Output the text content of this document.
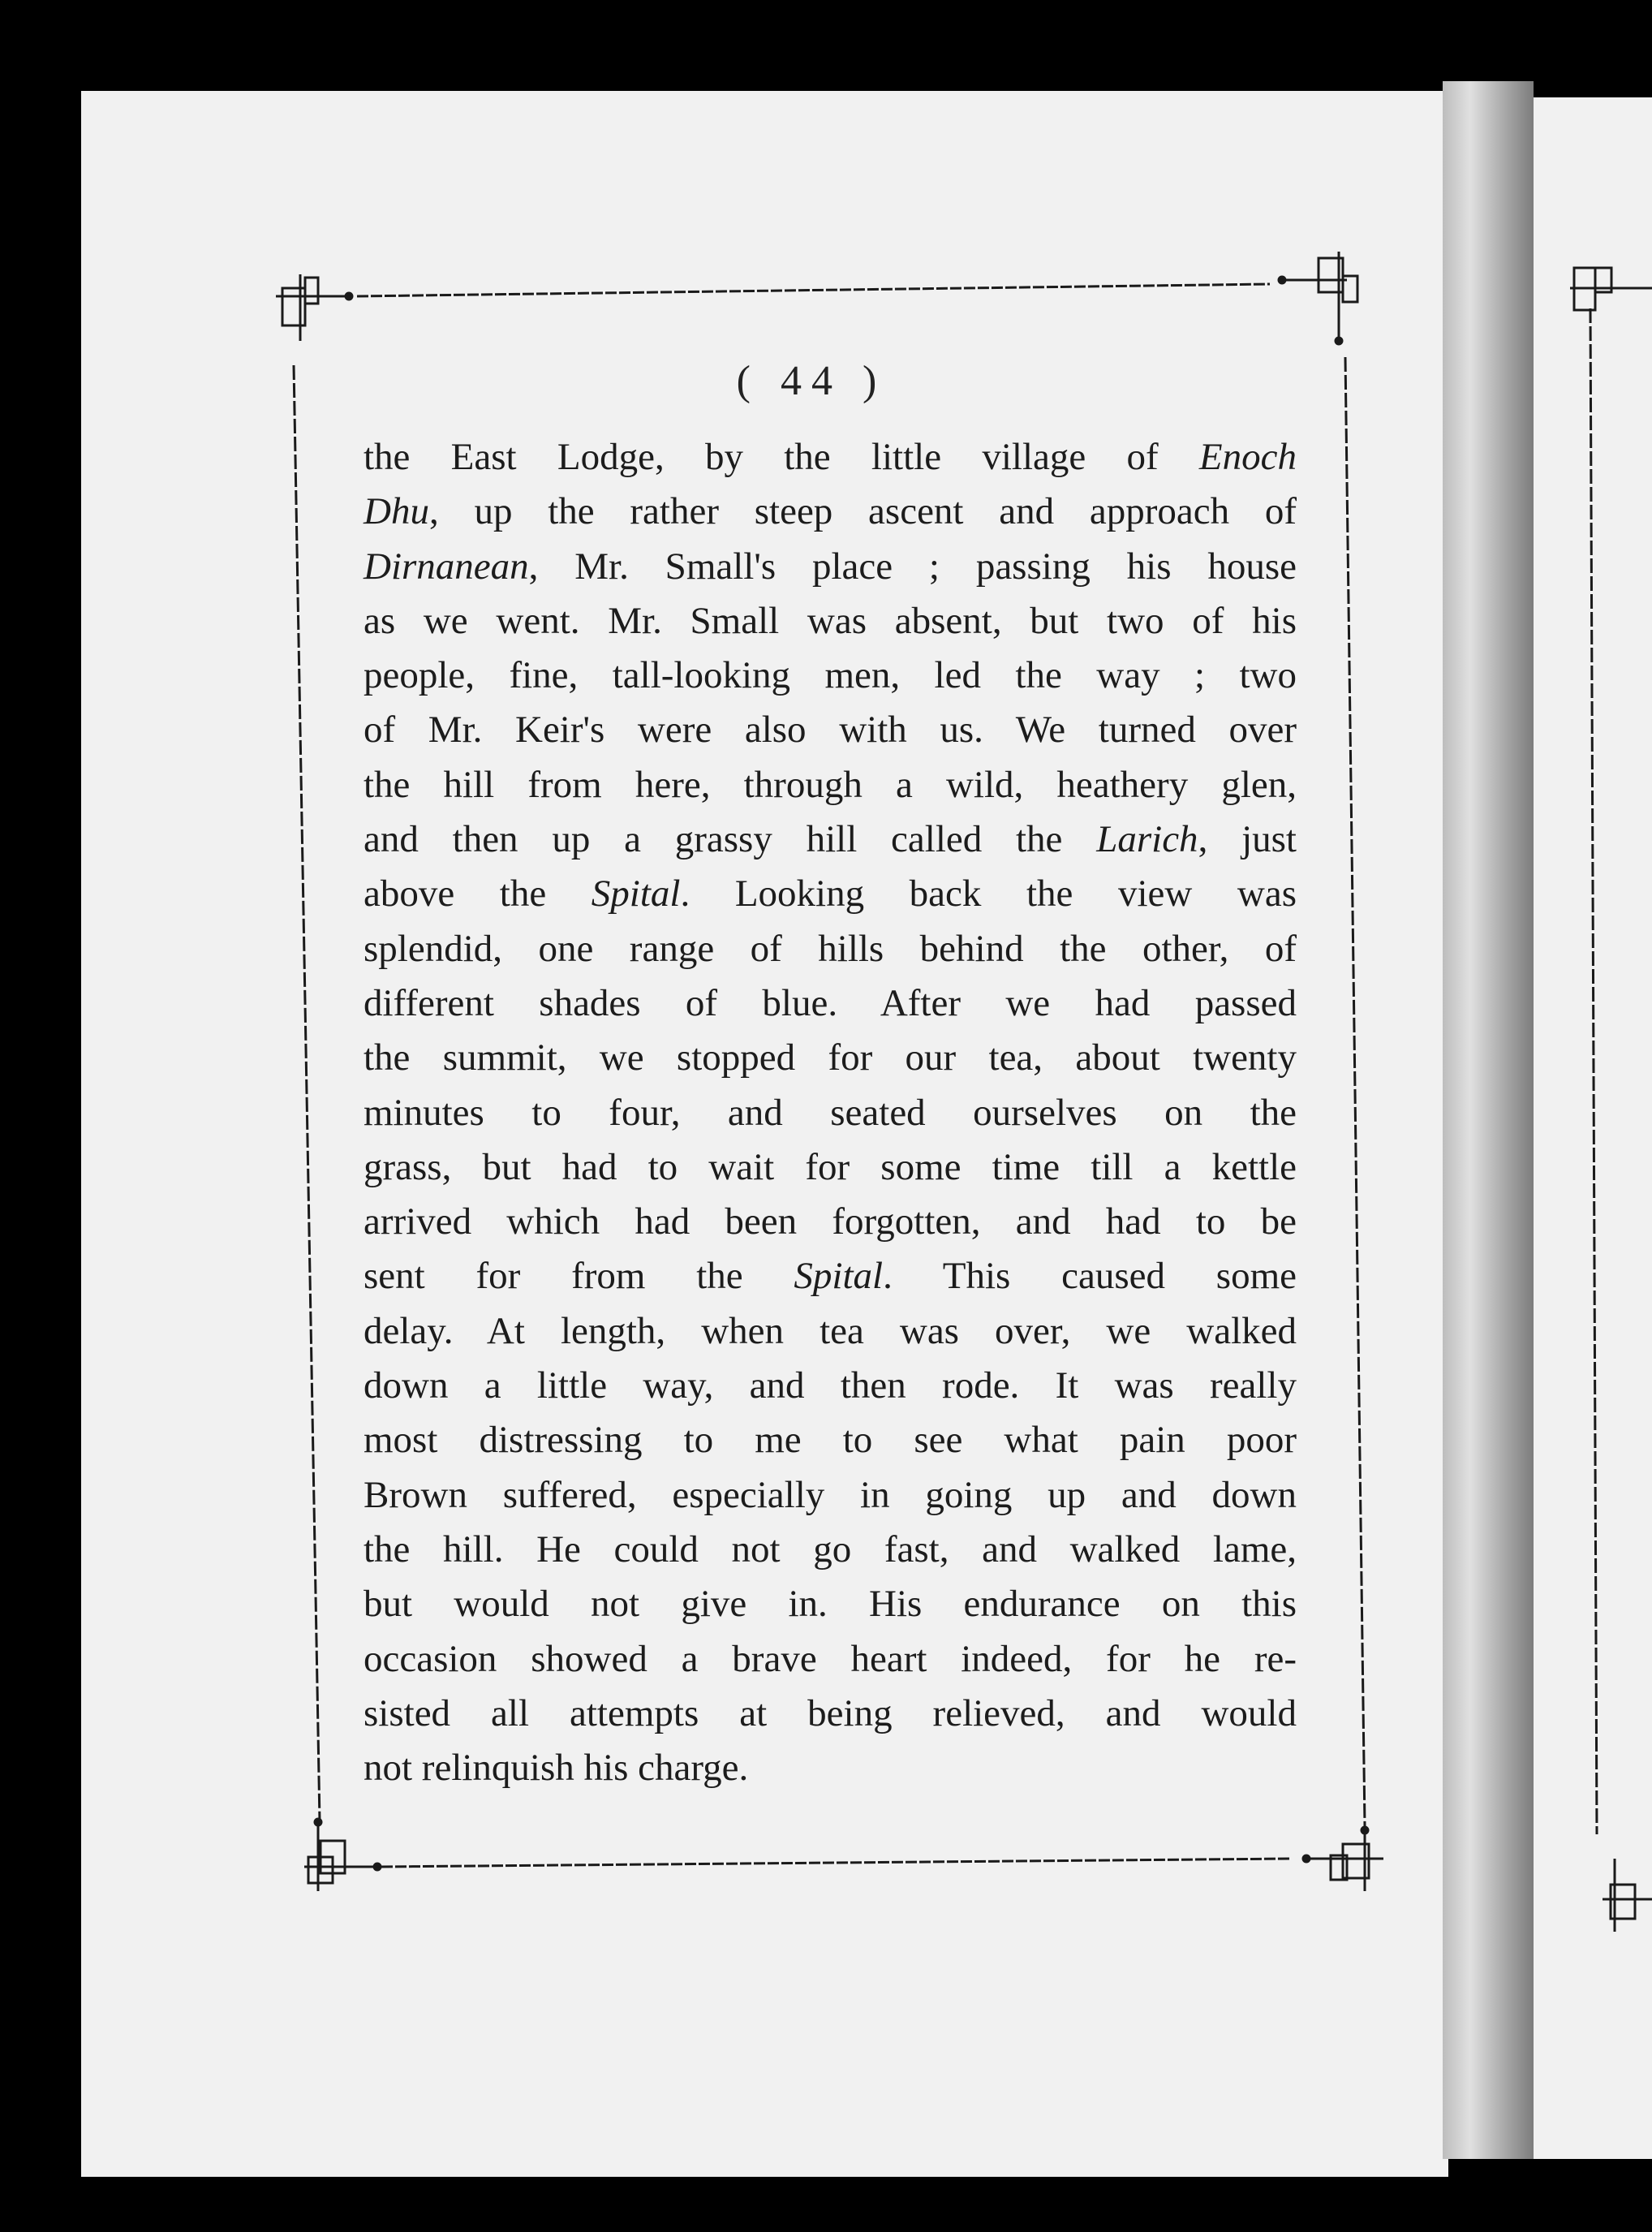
( 44 )
the East Lodge, by the little village of Enoch
Dhu, up the rather steep ascent and approach of
Dirnanean, Mr. Small's place ; passing his house
as we went. Mr. Small was absent, but two of his
people, fine, tall-looking men, led the way ; two
of Mr. Keir's were also with us. We turned over
the hill from here, through a wild, heathery glen,
and then up a grassy hill called the Larich, just
above the Spital. Looking back the view was
splendid, one range of hills behind the other, of
different shades of blue. After we had passed
the summit, we stopped for our tea, about twenty
minutes to four, and seated ourselves on the
grass, but had to wait for some time till a kettle
arrived which had been forgotten, and had to be
sent for from the Spital. This caused some
delay. At length, when tea was over, we walked
down a little way, and then rode. It was really
most distressing to me to see what pain poor
Brown suffered, especially in going up and down
the hill. He could not go fast, and walked lame,
but would not give in. His endurance on this
occasion showed a brave heart indeed, for he re-
sisted all attempts at being relieved, and would
not relinquish his charge.
